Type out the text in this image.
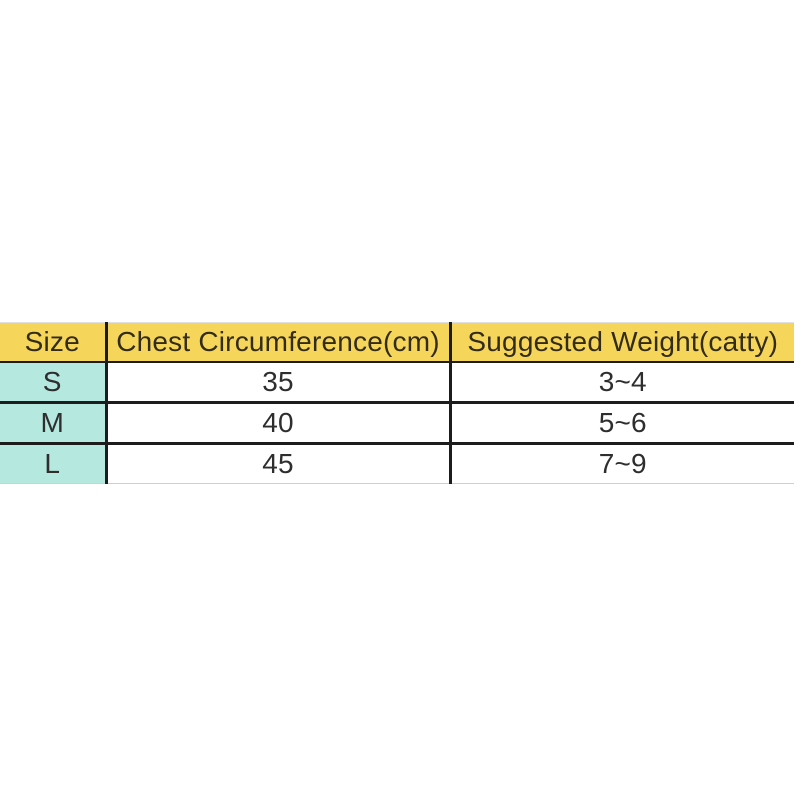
Size	Chest Circumference(cm)	Suggested Weight(catty)
S	35	3~4
M	40	5~6
L	45	7~9
